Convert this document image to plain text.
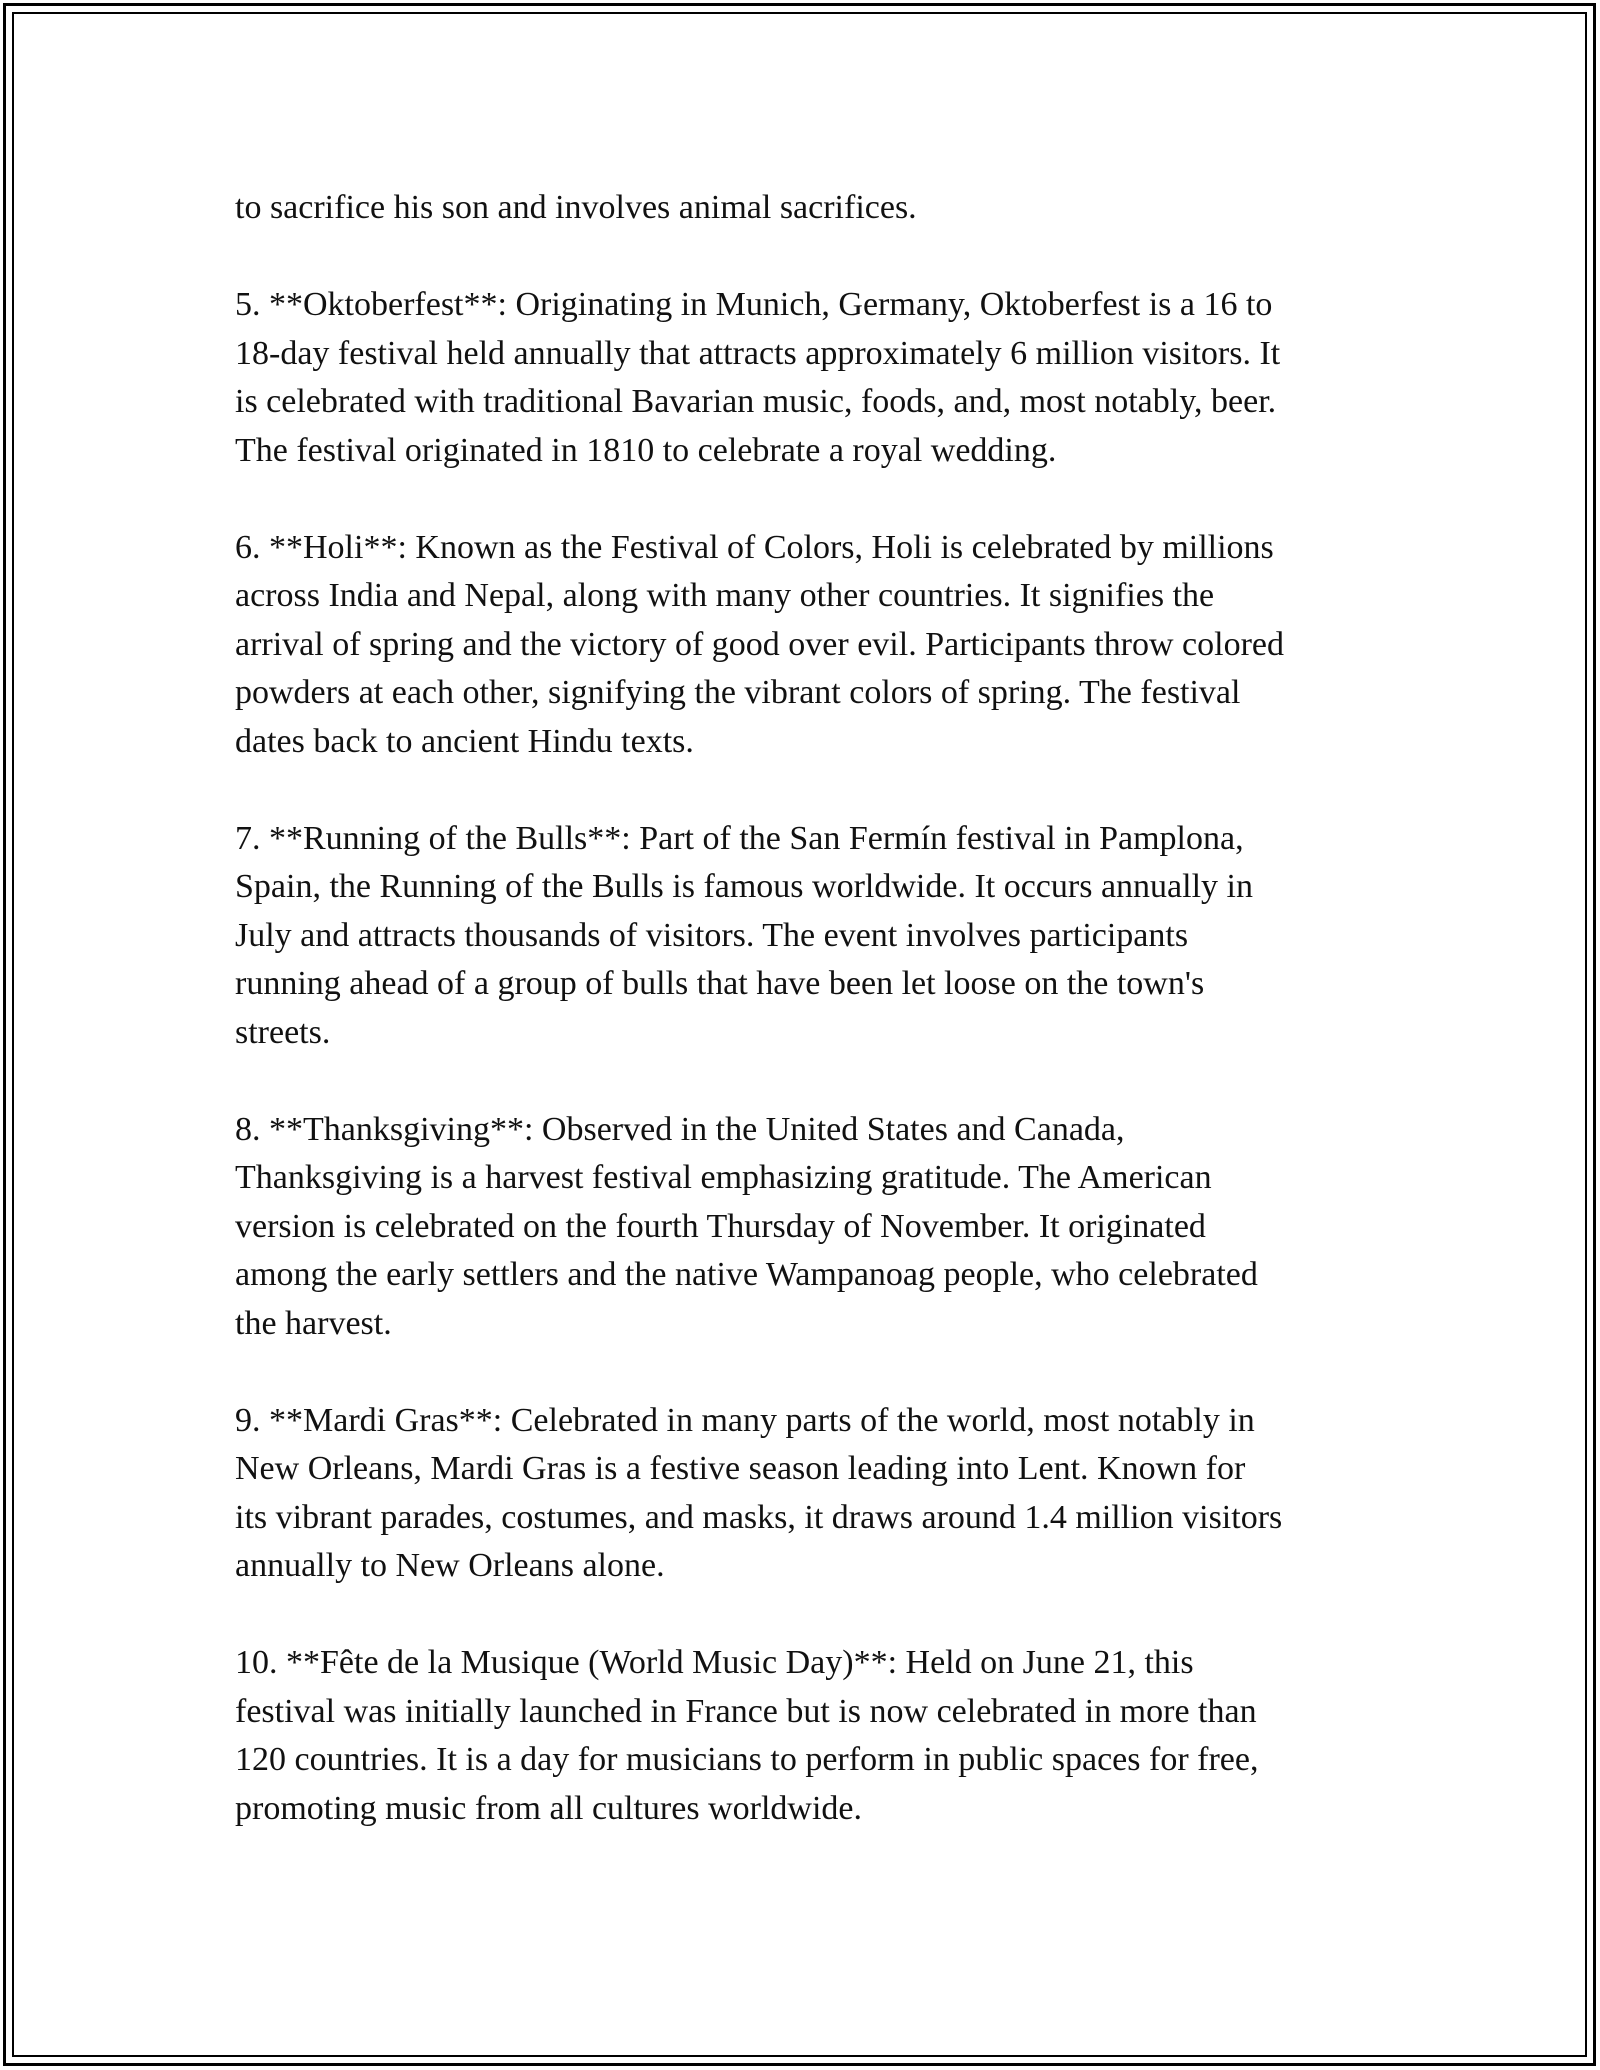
to sacrifice his son and involves animal sacrifices.

5. **Oktoberfest**: Originating in Munich, Germany, Oktoberfest is a 16 to
18-day festival held annually that attracts approximately 6 million visitors. It
is celebrated with traditional Bavarian music, foods, and, most notably, beer.
The festival originated in 1810 to celebrate a royal wedding.

6. **Holi**: Known as the Festival of Colors, Holi is celebrated by millions
across India and Nepal, along with many other countries. It signifies the
arrival of spring and the victory of good over evil. Participants throw colored
powders at each other, signifying the vibrant colors of spring. The festival
dates back to ancient Hindu texts.

7. **Running of the Bulls**: Part of the San Fermín festival in Pamplona,
Spain, the Running of the Bulls is famous worldwide. It occurs annually in
July and attracts thousands of visitors. The event involves participants
running ahead of a group of bulls that have been let loose on the town's
streets.

8. **Thanksgiving**: Observed in the United States and Canada,
Thanksgiving is a harvest festival emphasizing gratitude. The American
version is celebrated on the fourth Thursday of November. It originated
among the early settlers and the native Wampanoag people, who celebrated
the harvest.

9. **Mardi Gras**: Celebrated in many parts of the world, most notably in
New Orleans, Mardi Gras is a festive season leading into Lent. Known for
its vibrant parades, costumes, and masks, it draws around 1.4 million visitors
annually to New Orleans alone.

10. **Fête de la Musique (World Music Day)**: Held on June 21, this
festival was initially launched in France but is now celebrated in more than
120 countries. It is a day for musicians to perform in public spaces for free,
promoting music from all cultures worldwide.
